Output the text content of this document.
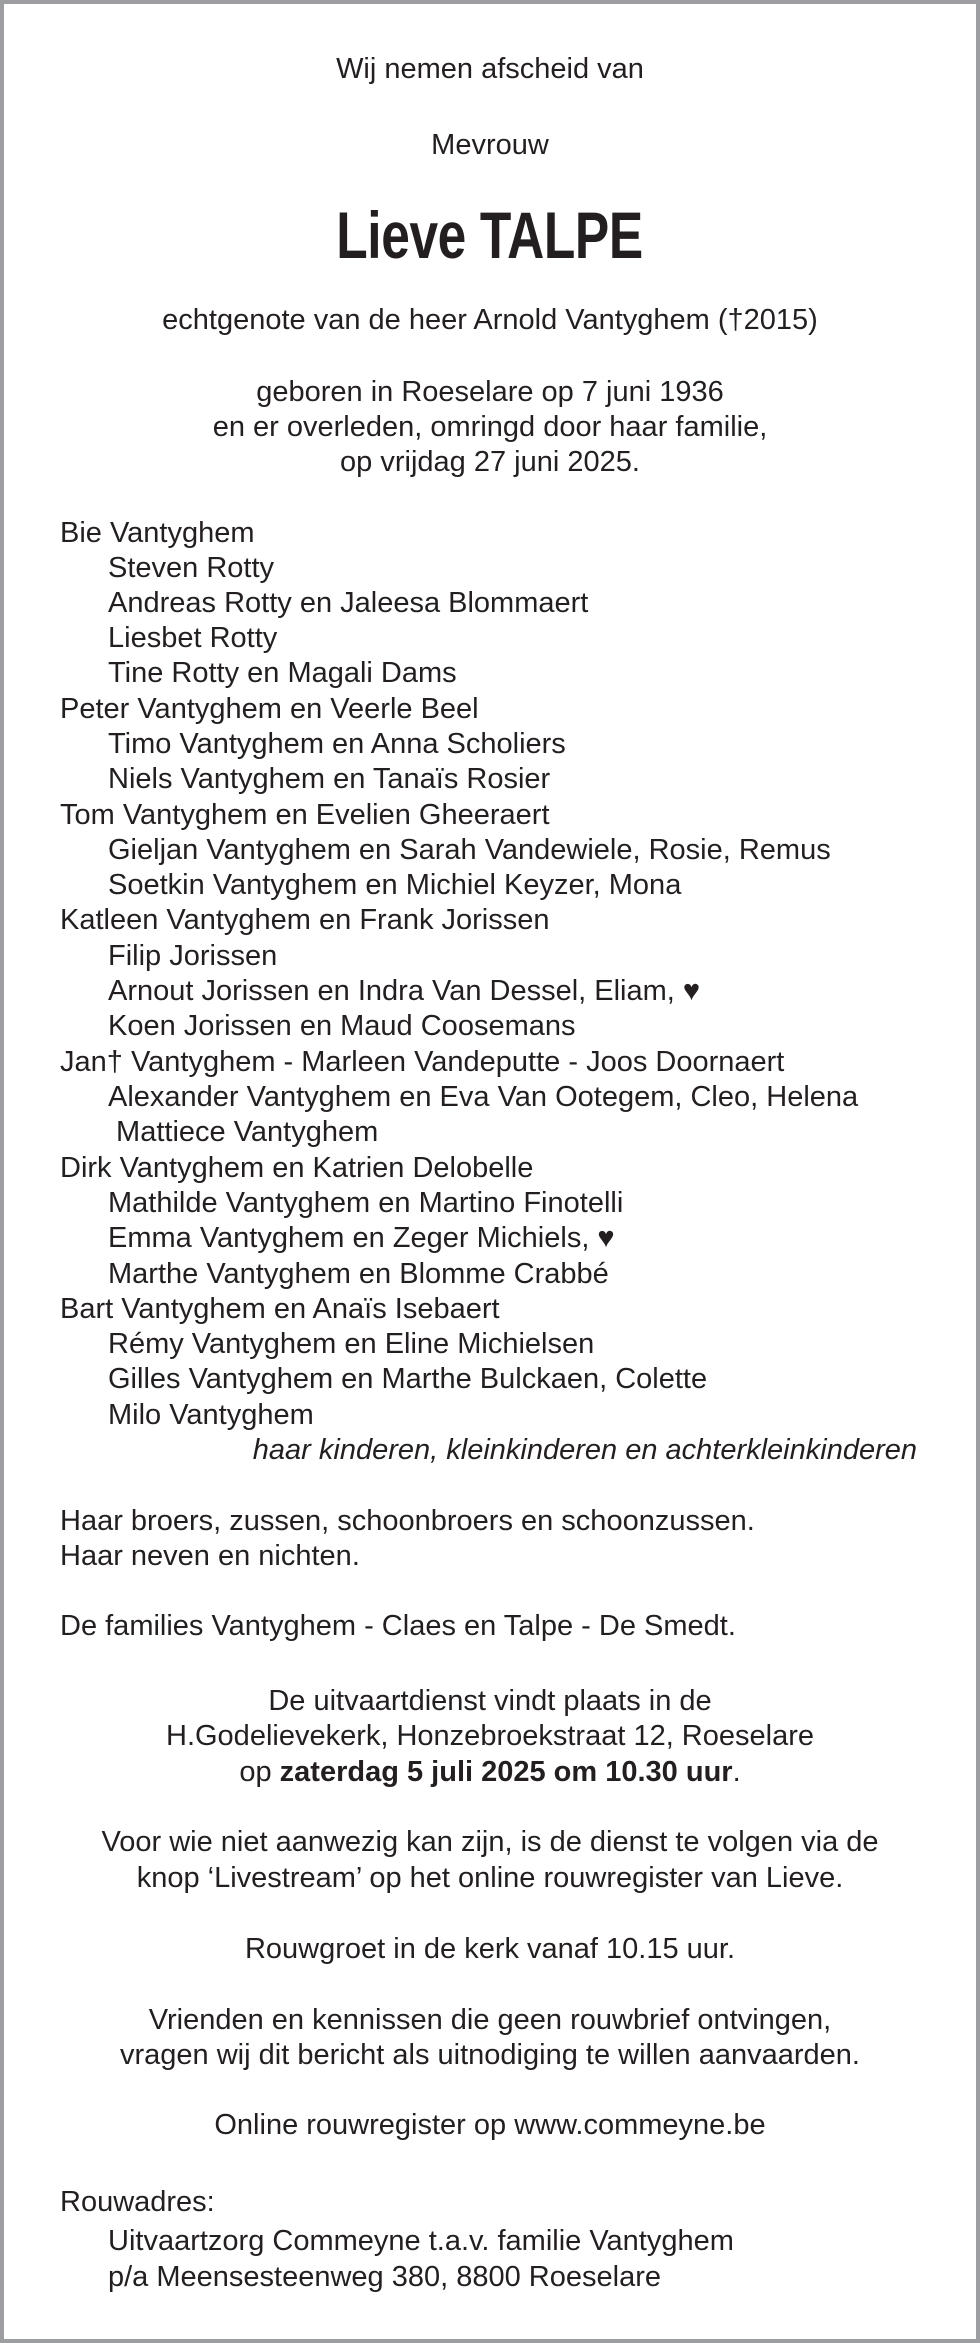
Wij nemen afscheid van
Mevrouw
Lieve TALPE
echtgenote van de heer Arnold Vantyghem (†2015)
geboren in Roeselare op 7 juni 1936
en er overleden, omringd door haar familie,
op vrijdag 27 juni 2025.
Bie Vantyghem
Steven Rotty
Andreas Rotty en Jaleesa Blommaert
Liesbet Rotty
Tine Rotty en Magali Dams
Peter Vantyghem en Veerle Beel
Timo Vantyghem en Anna Scholiers
Niels Vantyghem en Tanaïs Rosier
Tom Vantyghem en Evelien Gheeraert
Gieljan Vantyghem en Sarah Vandewiele, Rosie, Remus
Soetkin Vantyghem en Michiel Keyzer, Mona
Katleen Vantyghem en Frank Jorissen
Filip Jorissen
Arnout Jorissen en Indra Van Dessel, Eliam, ♥
Koen Jorissen en Maud Coosemans
Jan† Vantyghem - Marleen Vandeputte - Joos Doornaert
Alexander Vantyghem en Eva Van Ootegem, Cleo, Helena
Mattiece Vantyghem
Dirk Vantyghem en Katrien Delobelle
Mathilde Vantyghem en Martino Finotelli
Emma Vantyghem en Zeger Michiels, ♥
Marthe Vantyghem en Blomme Crabbé
Bart Vantyghem en Anaïs Isebaert
Rémy Vantyghem en Eline Michielsen
Gilles Vantyghem en Marthe Bulckaen, Colette
Milo Vantyghem
haar kinderen, kleinkinderen en achterkleinkinderen
Haar broers, zussen, schoonbroers en schoonzussen.
Haar neven en nichten.
De families Vantyghem - Claes en Talpe - De Smedt.
De uitvaartdienst vindt plaats in de
H.Godelievekerk, Honzebroekstraat 12, Roeselare
op zaterdag 5 juli 2025 om 10.30 uur.
Voor wie niet aanwezig kan zijn, is de dienst te volgen via de
knop ‘Livestream’ op het online rouwregister van Lieve.
Rouwgroet in de kerk vanaf 10.15 uur.
Vrienden en kennissen die geen rouwbrief ontvingen,
vragen wij dit bericht als uitnodiging te willen aanvaarden.
Online rouwregister op www.commeyne.be
Rouwadres:
Uitvaartzorg Commeyne t.a.v. familie Vantyghem
p/a Meensesteenweg 380, 8800 Roeselare
